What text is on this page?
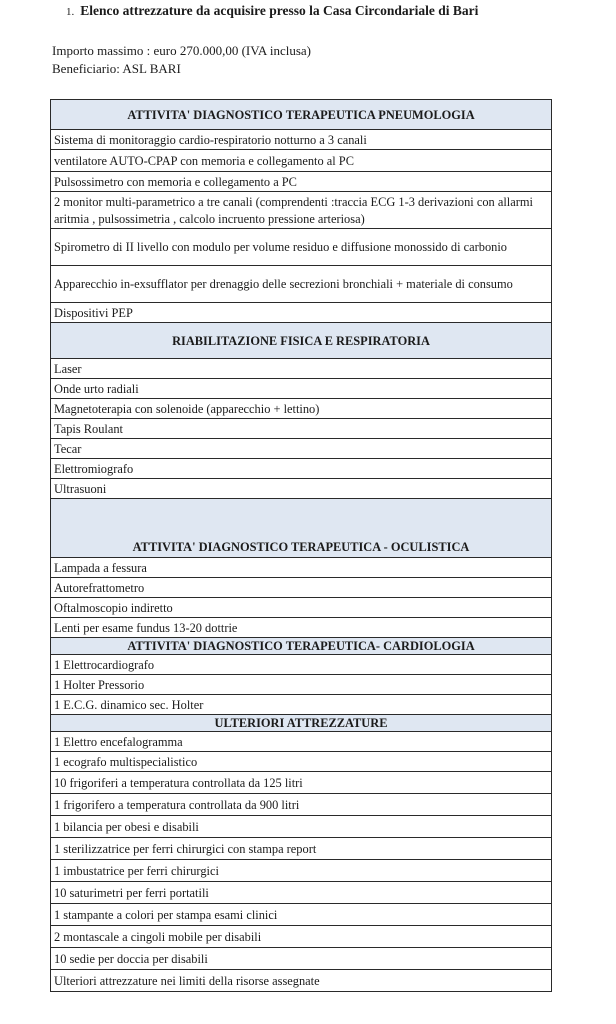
1. Elenco attrezzature da acquisire presso la Casa Circondariale di Bari
Importo massimo : euro 270.000,00 (IVA inclusa)
Beneficiario: ASL BARI
ATTIVITA' DIAGNOSTICO TERAPEUTICA PNEUMOLOGIA
Sistema di monitoraggio cardio-respiratorio notturno a 3 canali
ventilatore AUTO-CPAP con memoria e collegamento al PC
Pulsossimetro con memoria e collegamento a PC
2 monitor multi-parametrico a tre canali (comprendenti :traccia ECG 1-3 derivazioni con allarmi aritmia , pulsossimetria , calcolo incruento pressione arteriosa)
Spirometro di II livello con modulo per volume residuo e diffusione monossido di carbonio
Apparecchio in-exsufflator per drenaggio delle secrezioni bronchiali + materiale di consumo
Dispositivi PEP
RIABILITAZIONE FISICA E RESPIRATORIA
Laser
Onde urto radiali
Magnetoterapia con solenoide (apparecchio + lettino)
Tapis Roulant
Tecar
Elettromiografo
Ultrasuoni
ATTIVITA' DIAGNOSTICO TERAPEUTICA - OCULISTICA
Lampada a fessura
Autorefrattometro
Oftalmoscopio indiretto
Lenti per esame fundus 13-20 dottrie
ATTIVITA' DIAGNOSTICO TERAPEUTICA- CARDIOLOGIA
1 Elettrocardiografo
1 Holter Pressorio
1 E.C.G. dinamico sec. Holter
ULTERIORI ATTREZZATURE
1 Elettro encefalogramma
1 ecografo multispecialistico
10 frigoriferi a temperatura controllata da 125 litri
1 frigorifero a temperatura controllata da 900 litri
1 bilancia per obesi e disabili
1 sterilizzatrice per ferri chirurgici con stampa report
1 imbustatrice per ferri chirurgici
10 saturimetri per ferri portatili
1 stampante a colori per stampa esami clinici
2 montascale a cingoli mobile per disabili
10 sedie per doccia per disabili
Ulteriori attrezzature nei limiti della risorse assegnate
